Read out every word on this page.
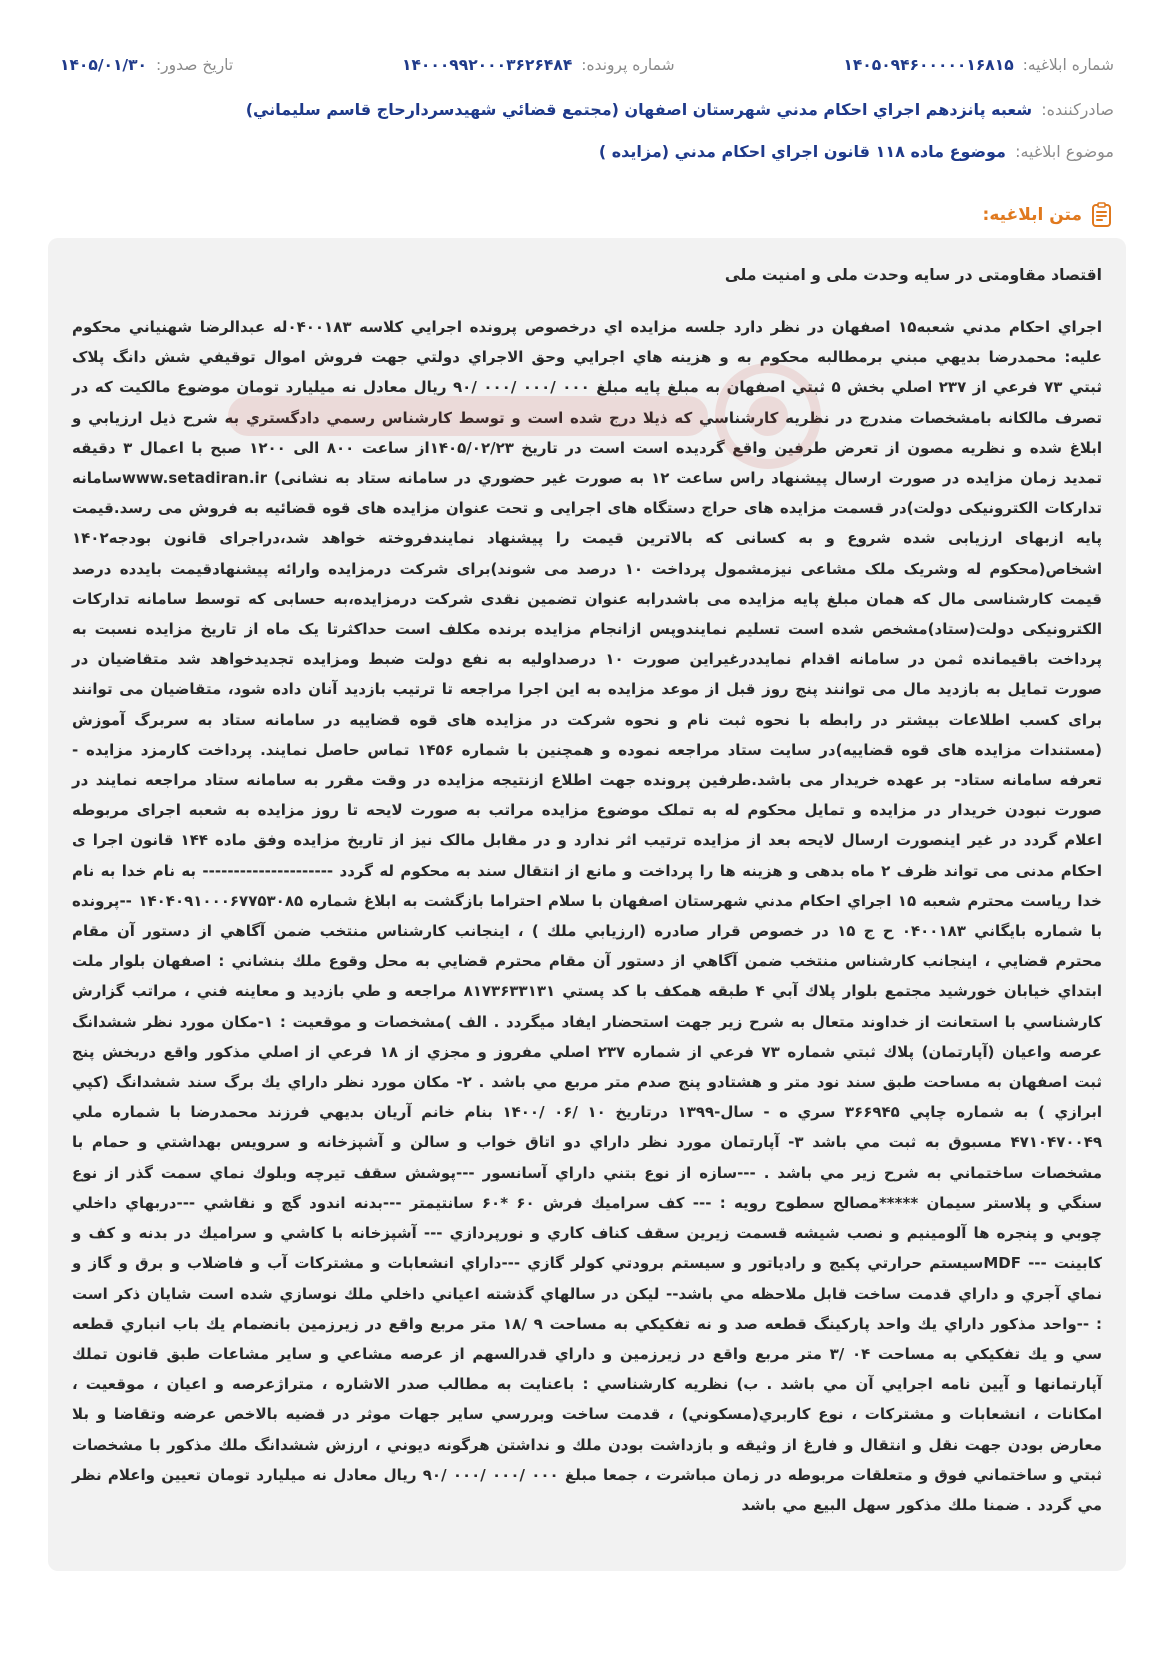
شماره ابلاغیه: ۱۴۰۵۰۹۴۶۰۰۰۰۰۱۶۸۱۵
شماره پرونده: ۱۴۰۰۰۹۹۲۰۰۰۳۶۲۶۴۸۴
تاریخ صدور: ۱۴۰۵/۰۱/۳۰
صادرکننده: شعبه پانزدهم اجراي احكام مدني شهرستان اصفهان (مجتمع قضائي شهيدسردارحاج قاسم سليماني)
موضوع ابلاغیه: موضوع ماده ۱۱۸ قانون اجراي احكام مدني (مزايده )
متن ابلاغیه:

اقتصاد مقاومتی در سایه وحدت ملی و امنیت ملی

اجراي احكام مدني شعبه۱۵ اصفهان در نظر دارد جلسه مزايده اي درخصوص پرونده اجرايي كلاسه ۰۴۰۰۱۸۳له عبدالرضا شهنياني محكوم عليه: محمدرضا بديهي مبني برمطالبه محكوم به و هزينه هاي اجرايي وحق الاجراي دولتي جهت فروش اموال توقيفي شش دانگ پلاک ثبتي ۷۳ فرعي از ۲۳۷ اصلي بخش ۵ ثبتي اصفهان به مبلغ پايه مبلغ ۰۰۰ /۰۰۰ /۰۰۰ /۹۰ ريال معادل نه ميليارد تومان موضوع مالكيت كه در تصرف مالكانه بامشخصات مندرج در نظريه كارشناسي كه ذيلا درج شده است و توسط كارشناس رسمي دادگستري به شرح ذيل ارزيابي و ابلاغ شده و نظريه مصون از تعرض طرفين واقع گرديده است است در تاريخ ۱۴۰۵/۰۲/۲۳از ساعت ۸۰۰ الی ۱۲۰۰ صبح با اعمال ۳ دقيقه تمديد زمان مزايده در صورت ارسال پيشنهاد راس ساعت ۱۲ به صورت غير حضوري در سامانه ستاد به نشانی) www.setadiran.irسامانه تداركات الكترونيكی دولت)در قسمت مزايده های حراج دستگاه های اجرايی و تحت عنوان مزايده های قوه قضائيه به فروش می رسد.قيمت پايه ازبهای ارزيابی شده شروع و به كسانی كه بالاترين قيمت را پيشنهاد نمايندفروخته خواهد شد،دراجرای قانون بودجه۱۴۰۲ اشخاص(محكوم له وشريک ملک مشاعی نيزمشمول پرداخت ۱۰ درصد می شوند)برای شركت درمزايده وارائه پيشنهادقيمت بايدده درصد قيمت كارشناسی مال كه همان مبلغ پايه مزايده می باشدرابه عنوان تضمين نقدی شركت درمزايده،به حسابی كه توسط سامانه تداركات الكترونيكی دولت(ستاد)مشخص شده است تسليم نمايندوپس ازانجام مزايده برنده مكلف است حداكثرتا يک ماه از تاريخ مزايده نسبت به پرداخت باقيمانده ثمن در سامانه اقدام نمايددرغيراين صورت ۱۰ درصداوليه به نفع دولت ضبط ومزايده تجديدخواهد شد متقاضيان در صورت تمايل به بازديد مال می توانند پنج روز قبل از موعد مزايده به اين اجرا مراجعه تا ترتيب بازديد آنان داده شود، متقاضيان می توانند برای كسب اطلاعات بيشتر در رابطه با نحوه ثبت نام و نحوه شركت در مزايده های قوه قضاييه در سامانه ستاد به سربرگ آموزش (مستندات مزايده های قوه قضاييه)در سايت ستاد مراجعه نموده و همچنين با شماره ۱۴۵۶ تماس حاصل نمايند. پرداخت كارمزد مزايده - تعرفه سامانه ستاد- بر عهده خريدار می باشد.طرفين پرونده جهت اطلاع ازنتيجه مزايده در وقت مقرر به سامانه ستاد مراجعه نمايند در صورت نبودن خريدار در مزايده و تمايل محكوم له به تملک موضوع مزايده مراتب به صورت لايحه تا روز مزايده به شعبه اجرای مربوطه اعلام گردد در غير اينصورت ارسال لايحه بعد از مزايده ترتيب اثر ندارد و در مقابل مالک نيز از تاريخ مزايده وفق ماده ۱۴۴ قانون اجرا ی احكام مدنی می تواند ظرف ۲ ماه بدهی و هزينه ها را پرداخت و مانع از انتقال سند به محكوم له گردد --------------------- به نام خدا به نام خدا رياست محترم شعبه ۱۵ اجراي احكام مدني شهرستان اصفهان با سلام احتراما بازگشت به ابلاغ شماره ۱۴۰۴۰۹۱۰۰۰۶۷۷۵۳۰۸۵ --پرونده با شماره بايگاني ۰۴۰۰۱۸۳ ح ج ۱۵ در خصوص قرار صادره (ارزيابي ملك ) ، اينجانب كارشناس منتخب ضمن آگاهي از دستور آن مقام محترم قضايي ، اينجانب كارشناس منتخب ضمن آگاهي از دستور آن مقام محترم قضايي به محل وقوع ملك بنشاني : اصفهان بلوار ملت ابتداي خيابان خورشيد مجتمع بلوار پلاك آبي ۴ طبقه همكف با كد پستي ۸۱۷۳۶۳۳۱۳۱ مراجعه و طي بازديد و معاينه فني ، مراتب گزارش كارشناسي با استعانت از خداوند متعال به شرح زير جهت استحضار ايفاد ميگردد . الف )مشخصات و موقعيت : ۱-مكان مورد نظر ششدانگ عرصه واعيان (آپارتمان) پلاك ثبتي شماره ۷۳ فرعي از شماره ۲۳۷ اصلي مفروز و مجزي از ۱۸ فرعي از اصلي مذكور واقع دربخش پنج ثبت اصفهان به مساحت طبق سند نود متر و هشتادو پنج صدم متر مربع مي باشد . ۲- مكان مورد نظر داراي يك برگ سند ششدانگ (كپي ابرازي ) به شماره چاپي ۳۶۶۹۴۵ سري ه - سال-۱۳۹۹ درتاريخ ۱۰ /۰۶ /۱۴۰۰ بنام خانم آريان بديهي فرزند محمدرضا با شماره ملي ۴۷۱۰۴۷۰۰۴۹ مسبوق به ثبت مي باشد ۳- آپارتمان مورد نظر داراي دو اتاق خواب و سالن و آشپزخانه و سرويس بهداشتي و حمام با مشخصات ساختماني به شرح زير مي باشد . ---سازه از نوع بتني داراي آسانسور ---پوشش سقف تيرچه وبلوك نماي سمت گذر از نوع سنگي و پلاستر سيمان *****مصالح سطوح رويه : --- كف سراميك فرش ۶۰ *۶۰ سانتيمتر ---بدنه اندود گچ و نقاشي ---دربهاي داخلي چوبي و پنجره ها آلومينيم و نصب شيشه قسمت زيرين سقف كناف كاري و نورپردازي --- آشپزخانه با كاشي و سراميك در بدنه و كف و كابينت --- MDFسيستم حرارتي پكيج و رادياتور و سيستم برودتي كولر گازي ---داراي انشعابات و مشتركات آب و فاضلاب و برق و گاز و نماي آجري و داراي قدمت ساخت قابل ملاحظه مي باشد-- ليكن در سالهاي گذشته اعياني داخلي ملك نوسازي شده است شايان ذكر است : --واحد مذكور داراي يك واحد پاركينگ قطعه صد و نه تفكيكي به مساحت ۹ /۱۸ متر مربع واقع در زيرزمين بانضمام يك باب انباري قطعه سي و يك تفكيكي به مساحت ۰۴ /۳ متر مربع واقع در زيرزمين و داراي قدرالسهم از عرصه مشاعي و ساير مشاعات طبق قانون تملك آپارتمانها و آيين نامه اجرايي آن مي باشد . ب) نظريه كارشناسي : باعنايت به مطالب صدر الاشاره ، متراژعرصه و اعيان ، موقعيت ، امكانات ، انشعابات و مشتركات ، نوع كاربري(مسكوني) ، قدمت ساخت وبررسي ساير جهات موثر در قضيه بالاخص عرضه وتقاضا و بلا معارض بودن جهت نقل و انتقال و فارغ از وثيقه و بازداشت بودن ملك و نداشتن هرگونه ديوني ، ارزش ششدانگ ملك مذكور با مشخصات ثبتي و ساختماني فوق و متعلقات مربوطه در زمان مباشرت ، جمعا مبلغ ۰۰۰ /۰۰۰ /۰۰۰ /۹۰ ريال معادل نه ميليارد تومان تعيين واعلام نظر مي گردد . ضمنا ملك مذكور سهل البيع مي باشد
